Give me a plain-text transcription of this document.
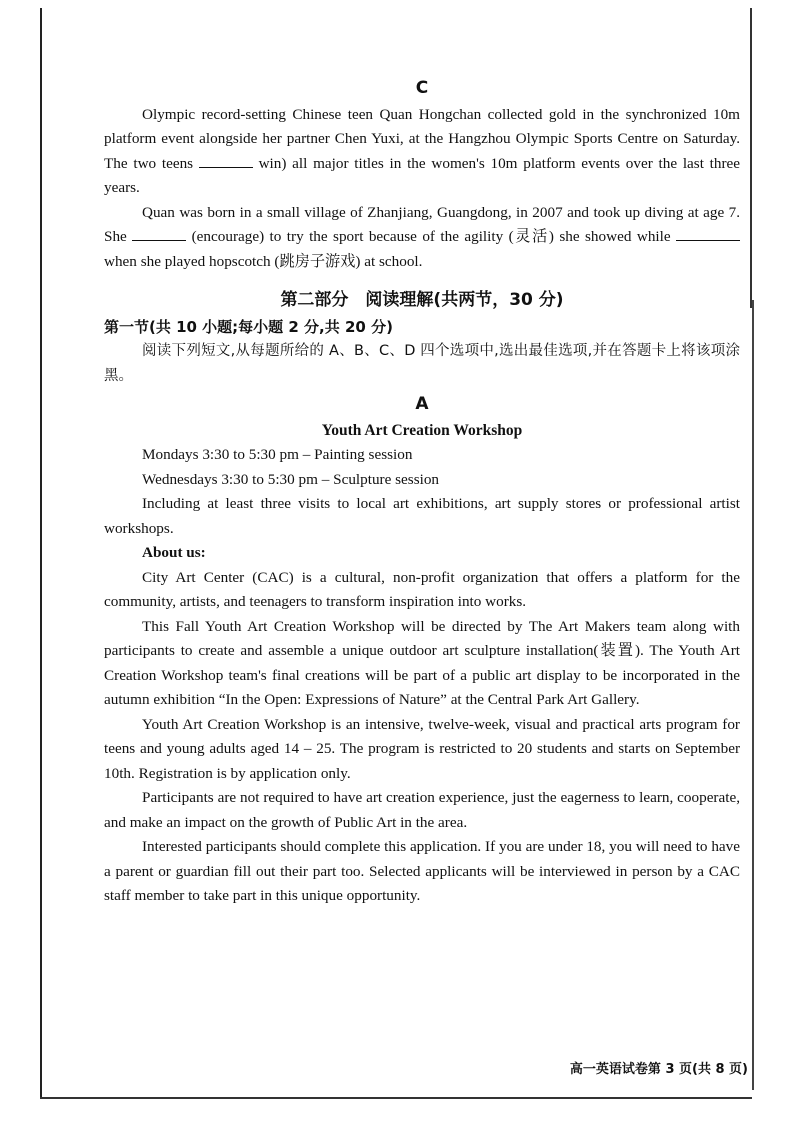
C

Olympic record-setting Chinese teen Quan Hongchan collected gold in the synchronized 10m platform event alongside her partner Chen Yuxi, at the Hangzhou Olympic Sports Centre on Saturday. The two teens	win) all major titles in the women's 10m platform events over the last three years.

Quan was born in a small village of Zhanjiang, Guangdong, in 2007 and took up diving at age 7. She	(encourage) to try the sport because of the agility (灵活) she showed while  when she played hopscotch (跳房子游戏) at school.

第二部分　阅读理解(共两节，30 分)
第一节(共 10 小题;每小题 2 分,共 20 分)

阅读下列短文,从每题所给的 A、B、C、D 四个选项中,选出最佳选项,并在答题卡上将该项涂黑。

A
Youth Art Creation Workshop

Mondays 3:30 to 5:30 pm – Painting session

Wednesdays 3:30 to 5:30 pm – Sculpture session

Including at least three visits to local art exhibitions, art supply stores or professional artist workshops.

About us:

City Art Center (CAC) is a cultural, non-profit organization that offers a platform for the community, artists, and teenagers to transform inspiration into works.

This Fall Youth Art Creation Workshop will be directed by The Art Makers team along with participants to create and assemble a unique outdoor art sculpture installation(装置). The Youth Art Creation Workshop team's final creations will be part of a public art display to be incorporated in the autumn exhibition “In the Open: Expressions of Nature” at the Central Park Art Gallery.

Youth Art Creation Workshop is an intensive, twelve-week, visual and practical arts program for teens and young adults aged 14 – 25. The program is restricted to 20 students and starts on September 10th. Registration is by application only.

Participants are not required to have art creation experience, just the eagerness to learn, cooperate, and make an impact on the growth of Public Art in the area.

Interested participants should complete this application. If you are under 18, you will need to have a parent or guardian fill out their part too. Selected applicants will be interviewed in person by a CAC staff member to take part in this unique opportunity.

高一英语试卷第 3 页(共 8 页)
